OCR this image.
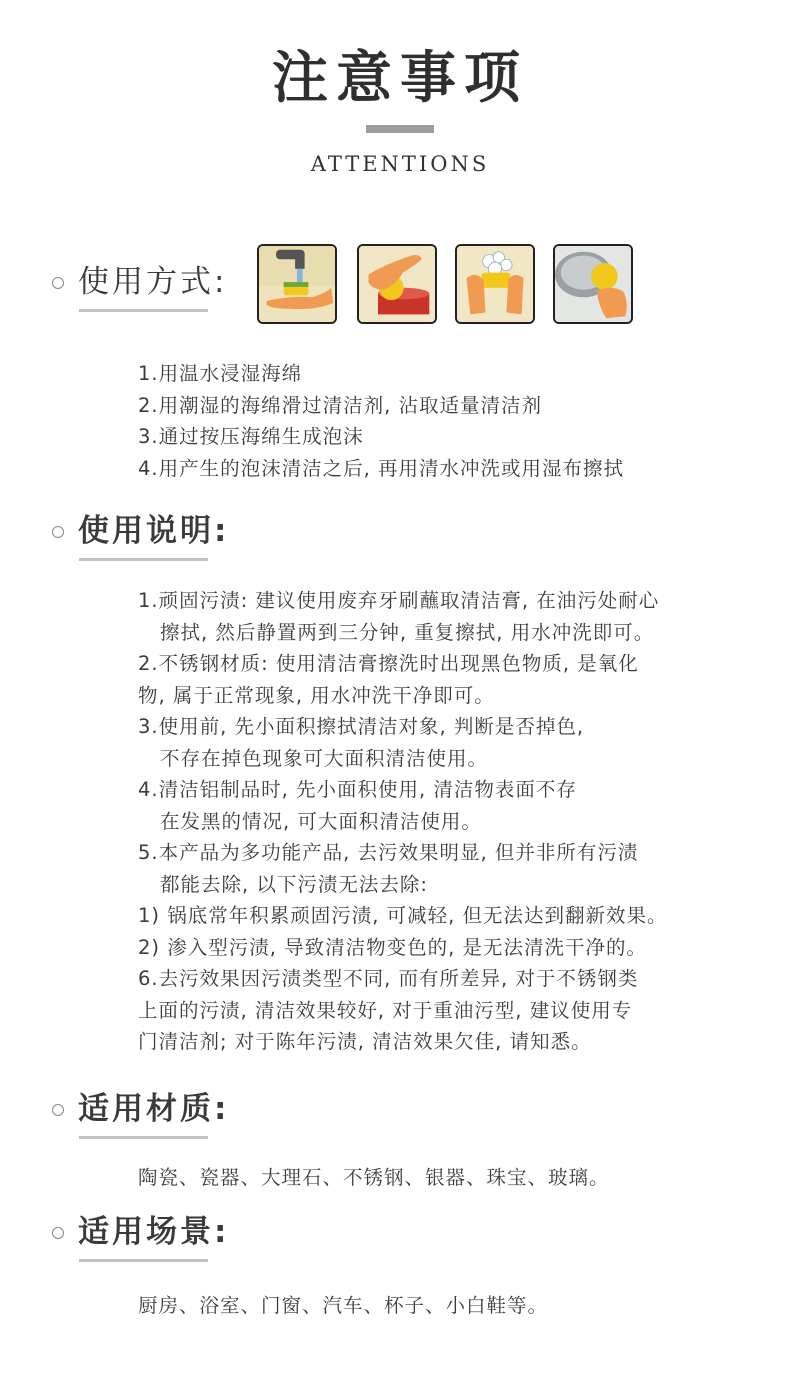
注意事项
ATTENTIONS
使用方式:
1.用温水浸湿海绵
2.用潮湿的海绵滑过清洁剂, 沾取适量清洁剂
3.通过按压海绵生成泡沫
4.用产生的泡沫清洁之后, 再用清水冲洗或用湿布擦拭
使用说明:
1.顽固污渍: 建议使用废弃牙刷蘸取清洁膏, 在油污处耐心
擦拭, 然后静置两到三分钟, 重复擦拭, 用水冲洗即可。
2.不锈钢材质: 使用清洁膏擦洗时出现黑色物质, 是氧化
物, 属于正常现象, 用水冲洗干净即可。
3.使用前, 先小面积擦拭清洁对象, 判断是否掉色,
不存在掉色现象可大面积清洁使用。
4.清洁铝制品时, 先小面积使用, 清洁物表面不存
在发黑的情况, 可大面积清洁使用。
5.本产品为多功能产品, 去污效果明显, 但并非所有污渍
都能去除, 以下污渍无法去除:
1) 锅底常年积累顽固污渍, 可减轻, 但无法达到翻新效果。
2) 渗入型污渍, 导致清洁物变色的, 是无法清洗干净的。
6.去污效果因污渍类型不同, 而有所差异, 对于不锈钢类
上面的污渍, 清洁效果较好, 对于重油污型, 建议使用专
门清洁剂; 对于陈年污渍, 清洁效果欠佳, 请知悉。
适用材质:
陶瓷、瓷器、大理石、不锈钢、银器、珠宝、玻璃。
适用场景:
厨房、浴室、门窗、汽车、杯子、小白鞋等。
